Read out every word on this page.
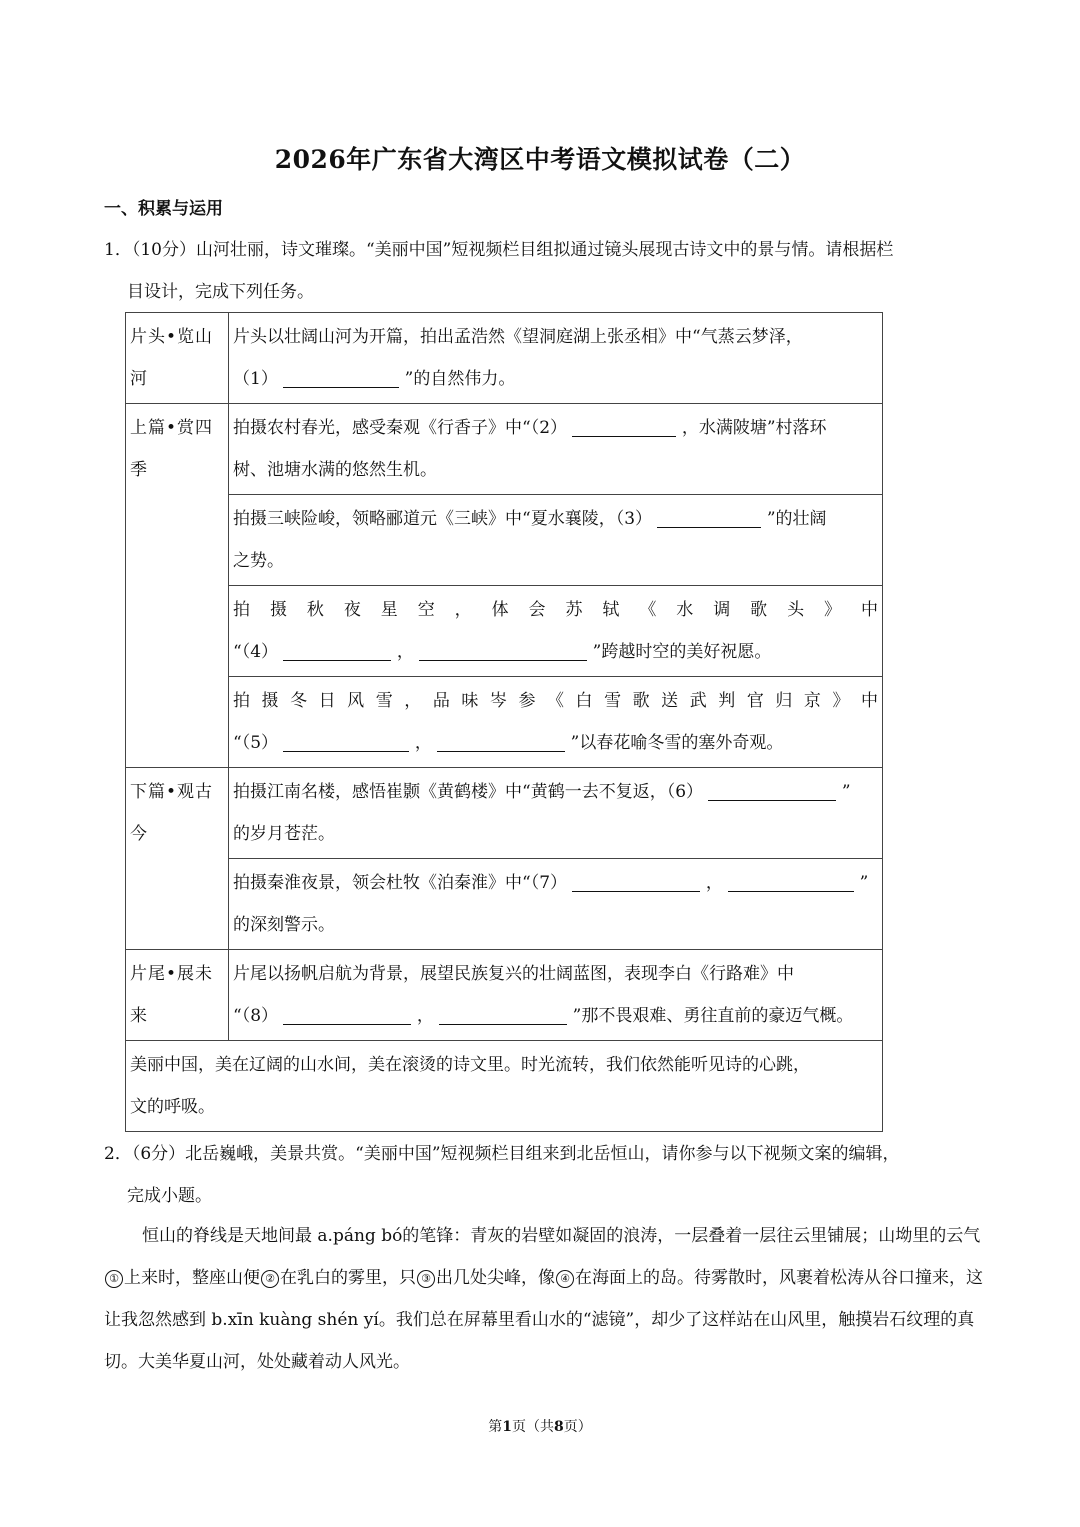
2026年广东省大湾区中考语文模拟试卷（二）
一、积累与运用
1．（10分）山河壮丽，诗文璀璨。“美丽中国”短视频栏目组拟通过镜头展现古诗文中的景与情。请根据栏
目设计，完成下列任务。
片头•览山河	片头以壮阔山河为开篇，拍出孟浩然《望洞庭湖上张丞相》中“气蒸云梦泽，
（1） ”的自然伟力。
上篇•赏四季	拍摄农村春光，感受秦观《行香子》中“（2） ，水满陂塘”村落环
树、池塘水满的悠然生机。
	拍摄三峡险峻，领略郦道元《三峡》中“夏水襄陵，（3） ”的壮阔
之势。

	拍摄秋夜星空，体会苏轼《水调歌头》中
“（4） ， ”跨越时空的美好祝愿。

	拍摄冬日风雪，品味岑参《白雪歌送武判官归京》中
“（5） ， ”以春花喻冬雪的塞外奇观。
下篇•观古今	拍摄江南名楼，感悟崔颢《黄鹤楼》中“黄鹤一去不复返，（6） ”
的岁月苍茫。
	拍摄秦淮夜景，领会杜牧《泊秦淮》中“（7） ， ”
的深刻警示。
片尾•展未来	片尾以扬帆启航为背景，展望民族复兴的壮阔蓝图，表现李白《行路难》中
“（8） ， ”那不畏艰难、勇往直前的豪迈气概。
美丽中国，美在辽阔的山水间，美在滚烫的诗文里。时光流转，我们依然能听见诗的心跳，
文的呼吸。	
2．（6分）北岳巍峨，美景共赏。“美丽中国”短视频栏目组来到北岳恒山，请你参与以下视频文案的编辑，
完成小题。
恒山的脊线是天地间最 a.páng bó的笔锋：青灰的岩壁如凝固的浪涛，一层叠着一层往云里铺展；山坳里的云气① 上来时，整座山便 ② 在乳白的雾里，只 ③ 出几处尖峰，像 ④ 在海面上的岛。待雾散时，风裹着松涛从谷口撞来，这让我忽然感到 b.xīn kuàng shén yí。我们总在屏幕里看山水的“滤镜”，却少了这样站在山风里，触摸岩石纹理的真切。大美华夏山河，处处藏着动人风光。
第1页（共8页）
